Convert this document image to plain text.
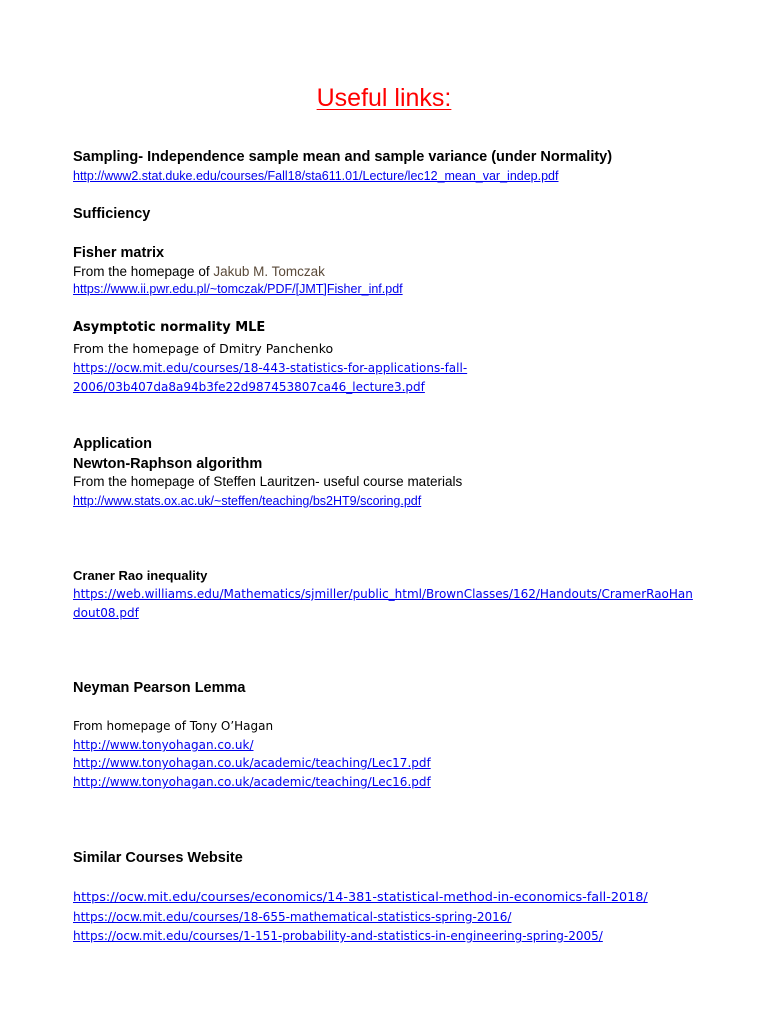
Useful links:
Sampling- Independence sample mean and sample variance (under Normality)
http://www2.stat.duke.edu/courses/Fall18/sta611.01/Lecture/lec12_mean_var_indep.pdf
Sufficiency
Fisher matrix
From the homepage of Jakub M. Tomczak
https://www.ii.pwr.edu.pl/~tomczak/PDF/[JMT]Fisher_inf.pdf
Asymptotic normality MLE
From the homepage of Dmitry Panchenko
https://ocw.mit.edu/courses/18-443-statistics-for-applications-fall-
2006/03b407da8a94b3fe22d987453807ca46_lecture3.pdf
Application
Newton-Raphson algorithm
From the homepage of Steffen Lauritzen- useful course materials
http://www.stats.ox.ac.uk/~steffen/teaching/bs2HT9/scoring.pdf
Craner Rao inequality
https://web.williams.edu/Mathematics/sjmiller/public_html/BrownClasses/162/Handouts/CramerRaoHan
dout08.pdf
Neyman Pearson Lemma
From homepage of Tony O’Hagan
http://www.tonyohagan.co.uk/
http://www.tonyohagan.co.uk/academic/teaching/Lec17.pdf
http://www.tonyohagan.co.uk/academic/teaching/Lec16.pdf
Similar Courses Website
https://ocw.mit.edu/courses/economics/14-381-statistical-method-in-economics-fall-2018/
https://ocw.mit.edu/courses/18-655-mathematical-statistics-spring-2016/
https://ocw.mit.edu/courses/1-151-probability-and-statistics-in-engineering-spring-2005/
